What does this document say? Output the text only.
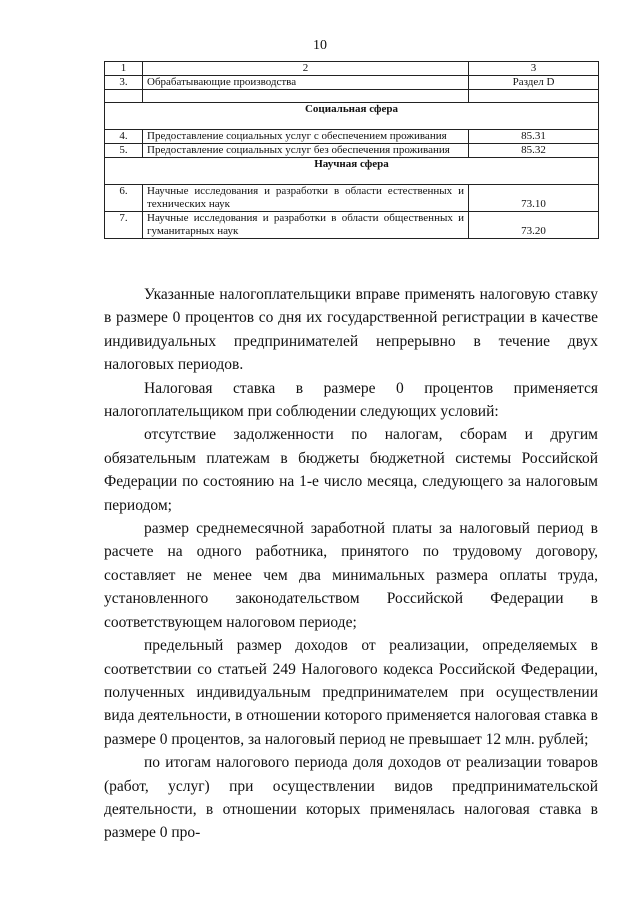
10
1	2	3
3.	Обрабатывающие производства	Раздел D

Социальная сфера		
4.	Предоставление социальных услуг с обеспечением проживания	85.31
5.	Предоставление социальных услуг без обеспечения проживания	85.32
Научная сфера		
6.	Научные исследования и разработки в области естественных и технических наук	73.10
7.	Научные исследования и разработки в области общественных и гуманитарных наук	73.20

Указанные налогоплательщики вправе применять налоговую ставку в размере 0 процентов со дня их государственной регистрации в качестве индивидуальных предпринимателей непрерывно в течение двух налоговых периодов.

Налоговая ставка в размере 0 процентов применяется налогоплательщиком при соблюдении следующих условий:

отсутствие задолженности по налогам, сборам и другим обязательным платежам в бюджеты бюджетной системы Российской Федерации по состоянию на 1-е число месяца, следующего за налоговым периодом;

размер среднемесячной заработной платы за налоговый период в расчете на одного работника, принятого по трудовому договору, составляет не менее чем два минимальных размера оплаты труда, установленного законодательством Российской Федерации в соответствующем налоговом периоде;

предельный размер доходов от реализации, определяемых в соответствии со статьей 249 Налогового кодекса Российской Федерации, полученных индивидуальным предпринимателем при осуществлении вида деятельности, в отношении которого применяется налоговая ставка в размере 0 процентов, за налоговый период не превышает 12 млн. рублей;

по итогам налогового периода доля доходов от реализации товаров (работ, услуг) при осуществлении видов предпринимательской деятельности, в отношении которых применялась налоговая ставка в размере 0 про-
